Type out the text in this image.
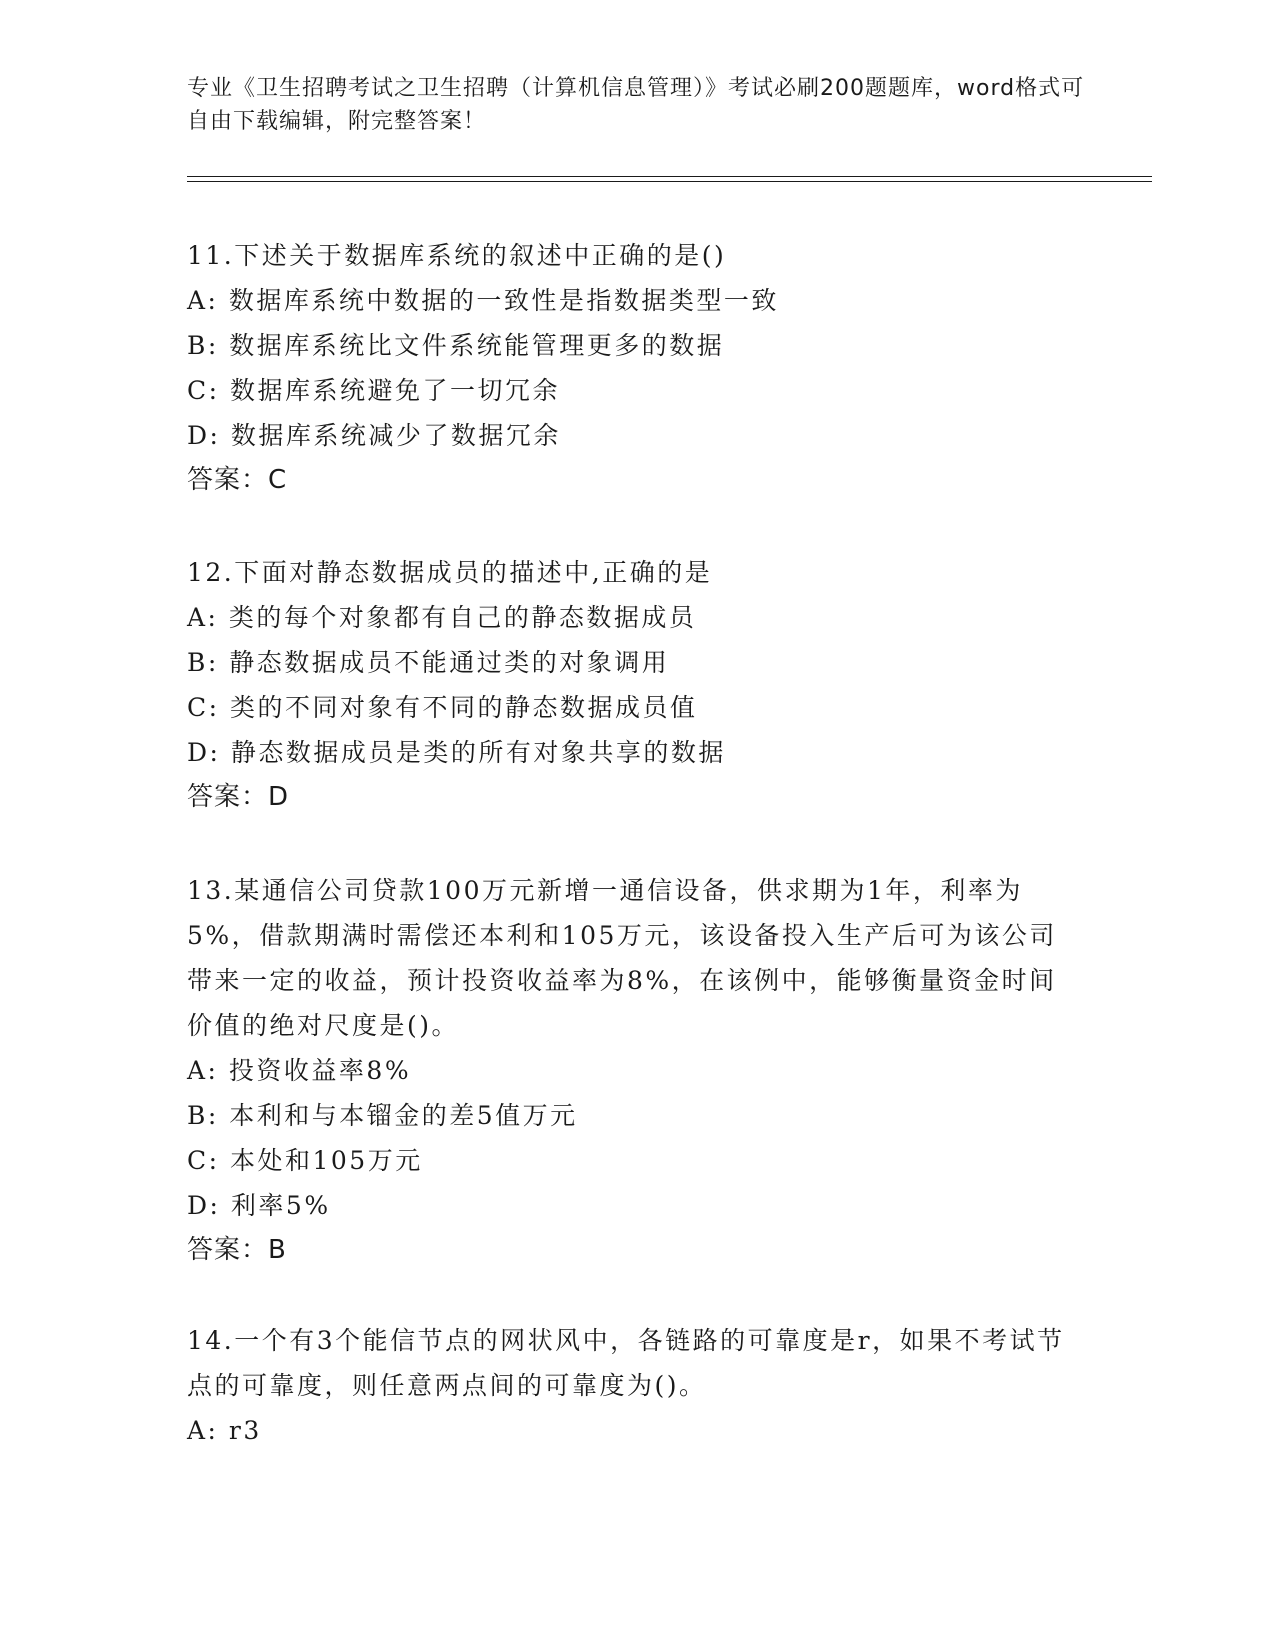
专业《卫生招聘考试之卫生招聘（计算机信息管理）》考试必刷200题题库，word格式可自由下载编辑，附完整答案！
11.下述关于数据库系统的叙述中正确的是()
A: 数据库系统中数据的一致性是指数据类型一致
B: 数据库系统比文件系统能管理更多的数据
C: 数据库系统避免了一切冗余
D: 数据库系统减少了数据冗余
答案：C
12.下面对静态数据成员的描述中,正确的是
A: 类的每个对象都有自己的静态数据成员
B: 静态数据成员不能通过类的对象调用
C: 类的不同对象有不同的静态数据成员值
D: 静态数据成员是类的所有对象共享的数据
答案：D
13.某通信公司贷款100万元新增一通信设备，供求期为1年，利率为5%，借款期满时需偿还本利和105万元，该设备投入生产后可为该公司带来一定的收益，预计投资收益率为8%，在该例中，能够衡量资金时间价值的绝对尺度是()。
A: 投资收益率8%
B: 本利和与本镏金的差5值万元
C: 本处和105万元
D: 利率5%
答案：B
14.一个有3个能信节点的网状风中，各链路的可靠度是r，如果不考试节点的可靠度，则任意两点间的可靠度为()。
A: r3
